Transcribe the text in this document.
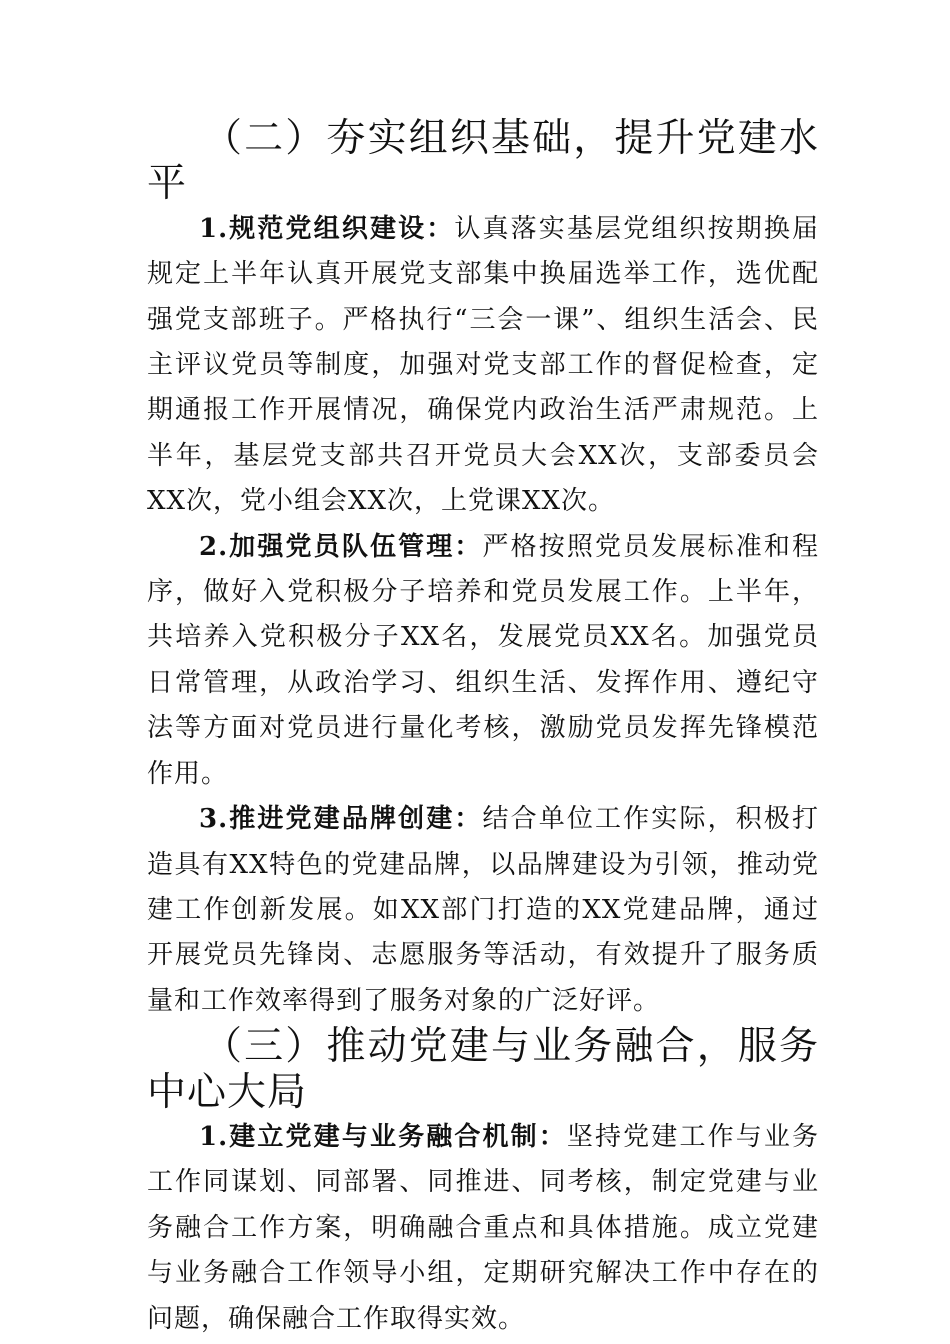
（二）夯实组织基础，提升党建水平

1.规范党组织建设：认真落实基层党组织按期换届规定上半年认真开展党支部集中换届选举工作，选优配强党支部班子。严格执行“三会一课”、组织生活会、民主评议党员等制度，加强对党支部工作的督促检查，定期通报工作开展情况，确保党内政治生活严肃规范。上半年，基层党支部共召开党员大会XX次，支部委员会XX次，党小组会XX次，上党课XX次。

2.加强党员队伍管理：严格按照党员发展标准和程序，做好入党积极分子培养和党员发展工作。上半年，共培养入党积极分子XX名，发展党员XX名。加强党员日常管理，从政治学习、组织生活、发挥作用、遵纪守法等方面对党员进行量化考核，激励党员发挥先锋模范作用。

3.推进党建品牌创建：结合单位工作实际，积极打造具有XX特色的党建品牌，以品牌建设为引领，推动党建工作创新发展。如XX部门打造的XX党建品牌，通过开展党员先锋岗、志愿服务等活动，有效提升了服务质量和工作效率得到了服务对象的广泛好评。

（三）推动党建与业务融合，服务中心大局

1.建立党建与业务融合机制：坚持党建工作与业务工作同谋划、同部署、同推进、同考核，制定党建与业务融合工作方案，明确融合重点和具体措施。成立党建与业务融合工作领导小组，定期研究解决工作中存在的问题，确保融合工作取得实效。
